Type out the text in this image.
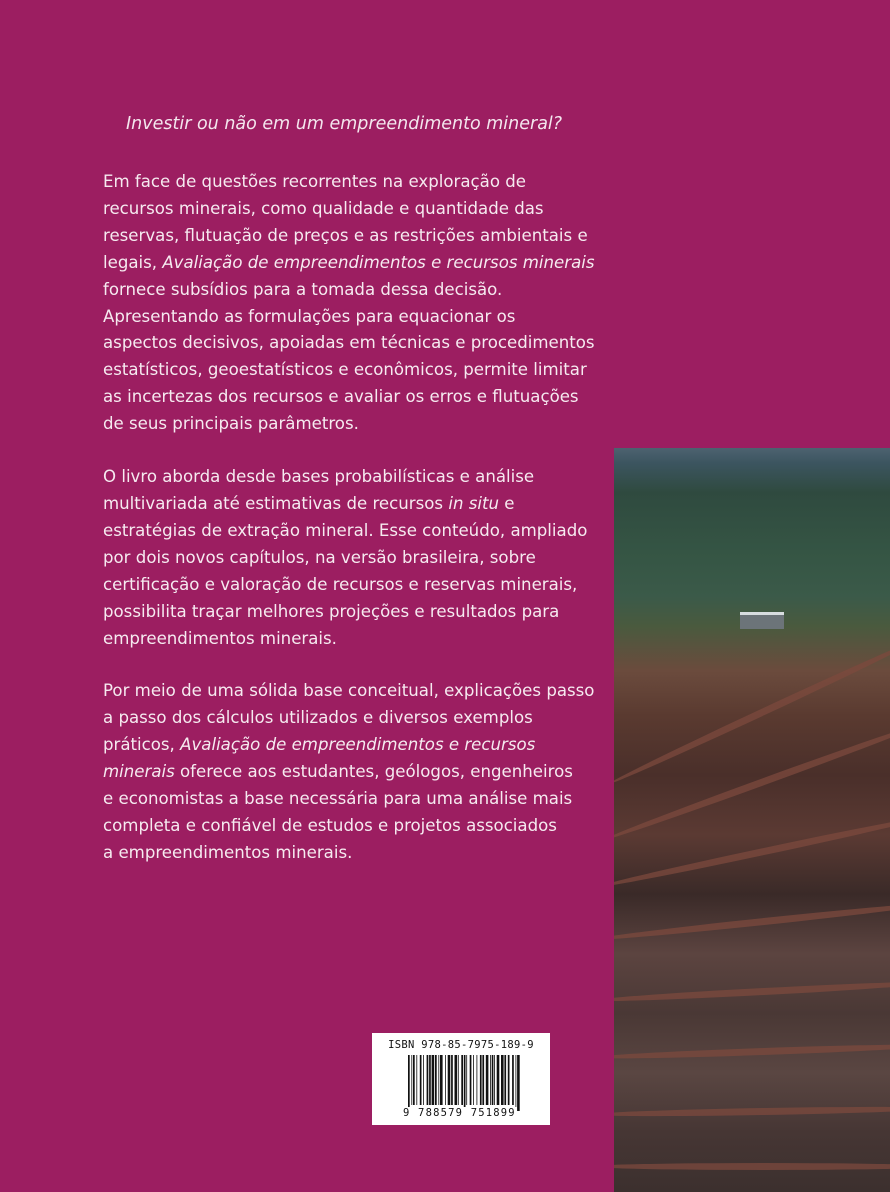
Investir ou não em um empreendimento mineral?
Em face de questões recorrentes na exploração de
recursos minerais, como qualidade e quantidade das
reservas, flutuação de preços e as restrições ambientais e
legais, Avaliação de empreendimentos e recursos minerais
fornece subsídios para a tomada dessa decisão.
Apresentando as formulações para equacionar os
aspectos decisivos, apoiadas em técnicas e procedimentos
estatísticos, geoestatísticos e econômicos, permite limitar
as incertezas dos recursos e avaliar os erros e flutuações
de seus principais parâmetros.
O livro aborda desde bases probabilísticas e análise
multivariada até estimativas de recursos in situ e
estratégias de extração mineral. Esse conteúdo, ampliado
por dois novos capítulos, na versão brasileira, sobre
certificação e valoração de recursos e reservas minerais,
possibilita traçar melhores projeções e resultados para
empreendimentos minerais.
Por meio de uma sólida base conceitual, explicações passo
a passo dos cálculos utilizados e diversos exemplos
práticos, Avaliação de empreendimentos e recursos
minerais oferece aos estudantes, geólogos, engenheiros
e economistas a base necessária para uma análise mais
completa e confiável de estudos e projetos associados
a empreendimentos minerais.
ISBN 978-85-7975-189-9
9 788579 751899
